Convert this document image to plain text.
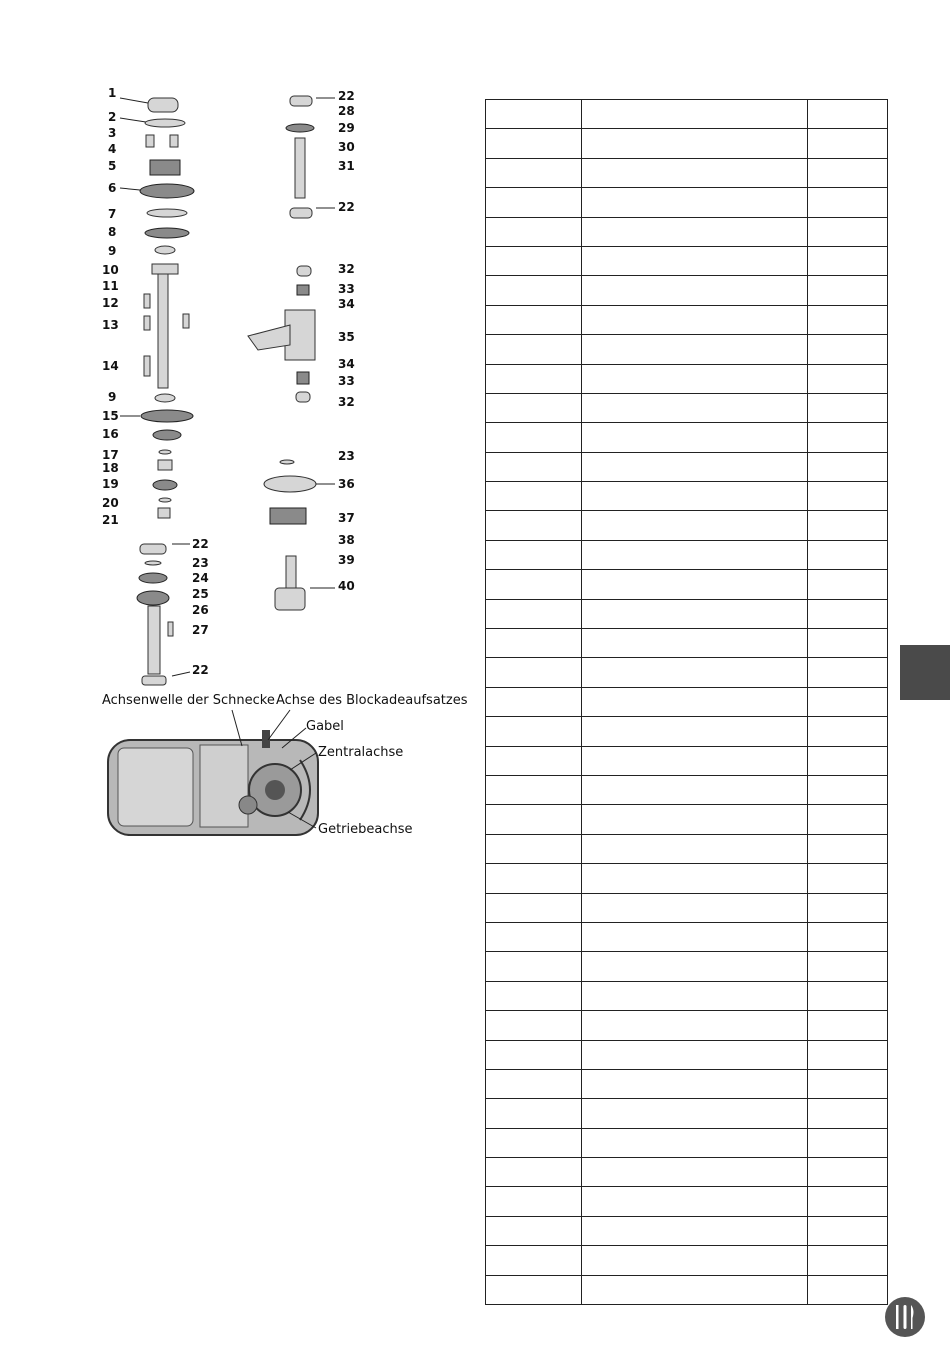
1
2
3
4
5
6
7
8
9
10
11
12
13
14
9
15
16
17
18
19
20
21
22
23
24
25
26
27
22
22
28
29
30
31
22
32
33
34
35
34
33
32
23
36
37
38
39
40
Achsenwelle der Schnecke Achse des Blockadeaufsatzes
Gabel
Zentralachse
Getriebeachse
